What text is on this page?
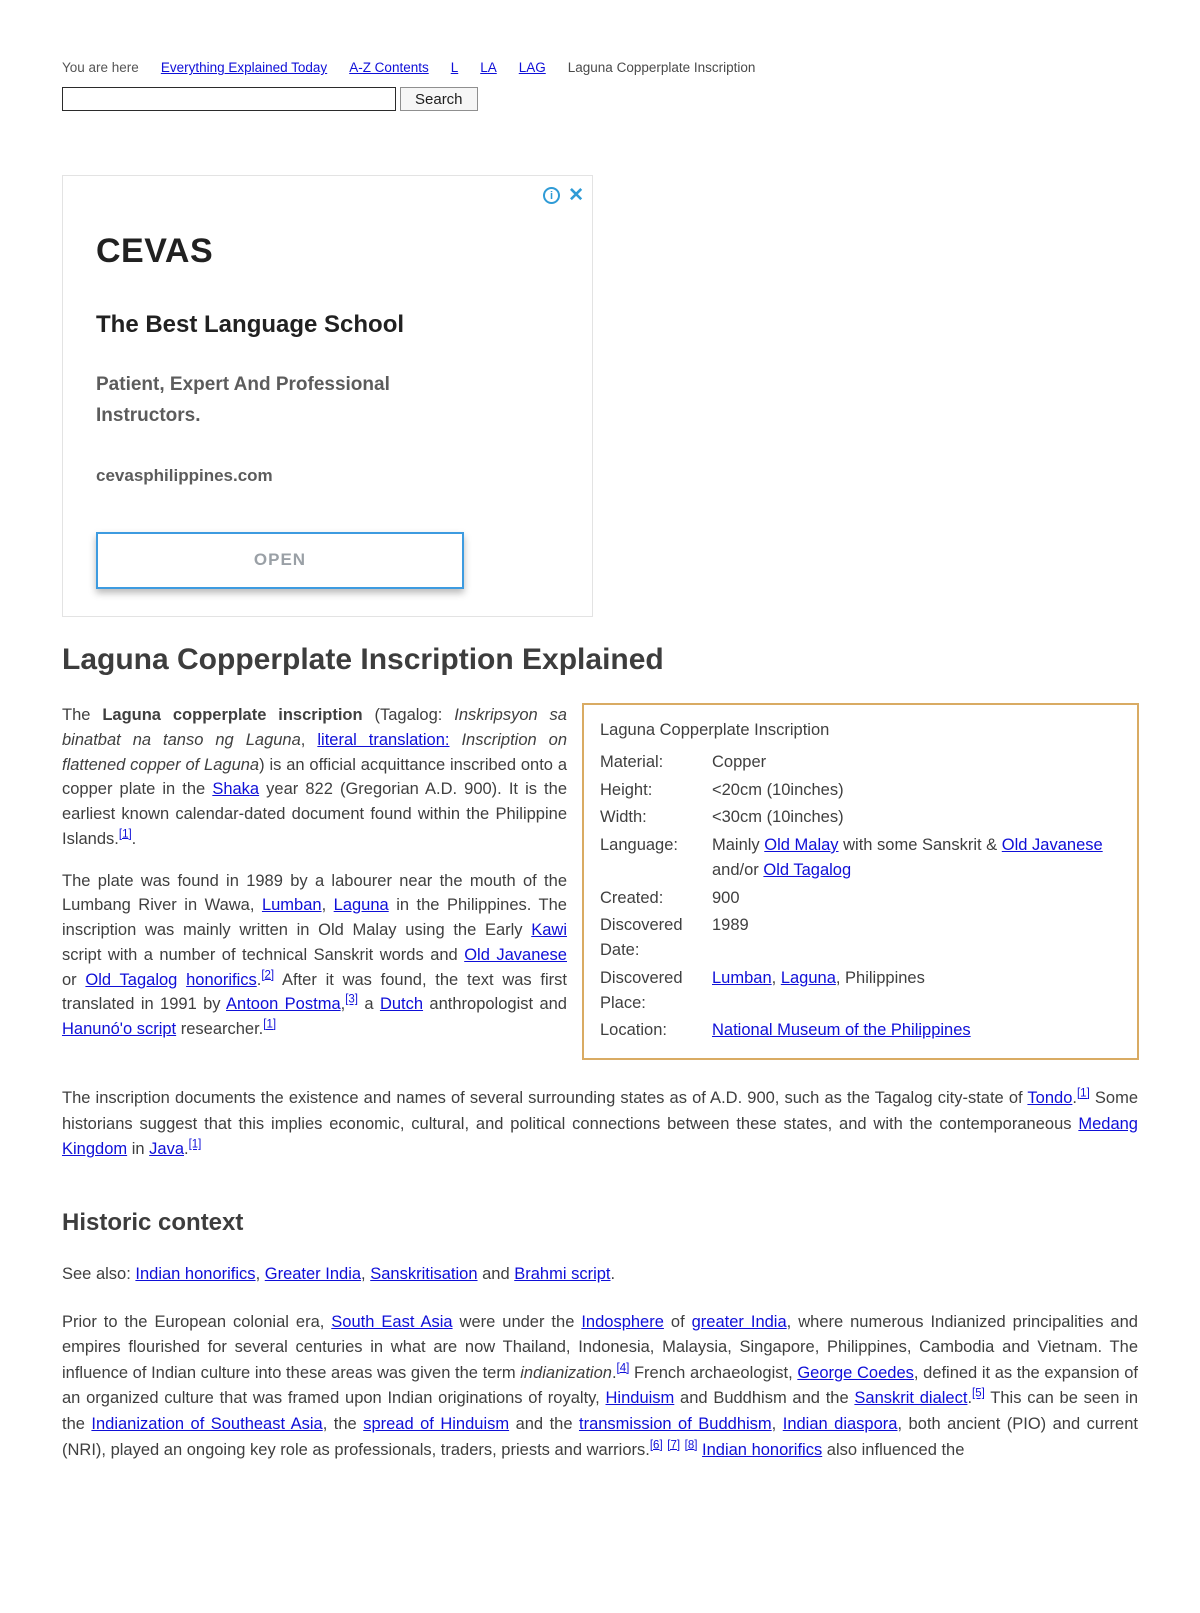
You are here Everything Explained Today A-Z Contents L LA LAG Laguna Copperplate Inscription
Search
i ✕
CEVAS
The Best Language School
Patient, Expert And Professional Instructors.
cevasphilippines.com
OPEN
Laguna Copperplate Inscription Explained

The Laguna copperplate inscription (Tagalog: Inskripsyon sa binatbat na tanso ng Laguna, literal translation: Inscription on flattened copper of Laguna) is an official acquittance inscribed onto a copper plate in the Shaka year 822 (Gregorian A.D. 900). It is the earliest known calendar-dated document found within the Philippine Islands.[1].

The plate was found in 1989 by a labourer near the mouth of the Lumbang River in Wawa, Lumban, Laguna in the Philippines. The inscription was mainly written in Old Malay using the Early Kawi script with a number of technical Sanskrit words and Old Javanese or Old Tagalog honorifics.[2] After it was found, the text was first translated in 1991 by Antoon Postma,[3] a Dutch anthropologist and Hanunó'o script researcher.[1]

Laguna Copperplate Inscription
Material:	Copper
Height:	<20cm (10inches)
Width:	<30cm (10inches)
Language:	Mainly Old Malay with some Sanskrit & Old Javanese and/or Old Tagalog
Created:	900
Discovered Date:
1989
Discovered Place:
Lumban, Laguna, Philippines
Location:	National Museum of the Philippines

The inscription documents the existence and names of several surrounding states as of A.D. 900, such as the Tagalog city-state of Tondo.[1] Some historians suggest that this implies economic, cultural, and political connections between these states, and with the contemporaneous Medang Kingdom in Java.[1]

Historic context

See also: Indian honorifics, Greater India, Sanskritisation and Brahmi script.

Prior to the European colonial era, South East Asia were under the Indosphere of greater India, where numerous Indianized principalities and empires flourished for several centuries in what are now Thailand, Indonesia, Malaysia, Singapore, Philippines, Cambodia and Vietnam. The influence of Indian culture into these areas was given the term indianization.[4] French archaeologist, George Coedes, defined it as the expansion of an organized culture that was framed upon Indian originations of royalty, Hinduism and Buddhism and the Sanskrit dialect.[5] This can be seen in the Indianization of Southeast Asia, the spread of Hinduism and the transmission of Buddhism, Indian diaspora, both ancient (PIO) and current (NRI), played an ongoing key role as professionals, traders, priests and warriors.[6] [7] [8] Indian honorifics also influenced the
